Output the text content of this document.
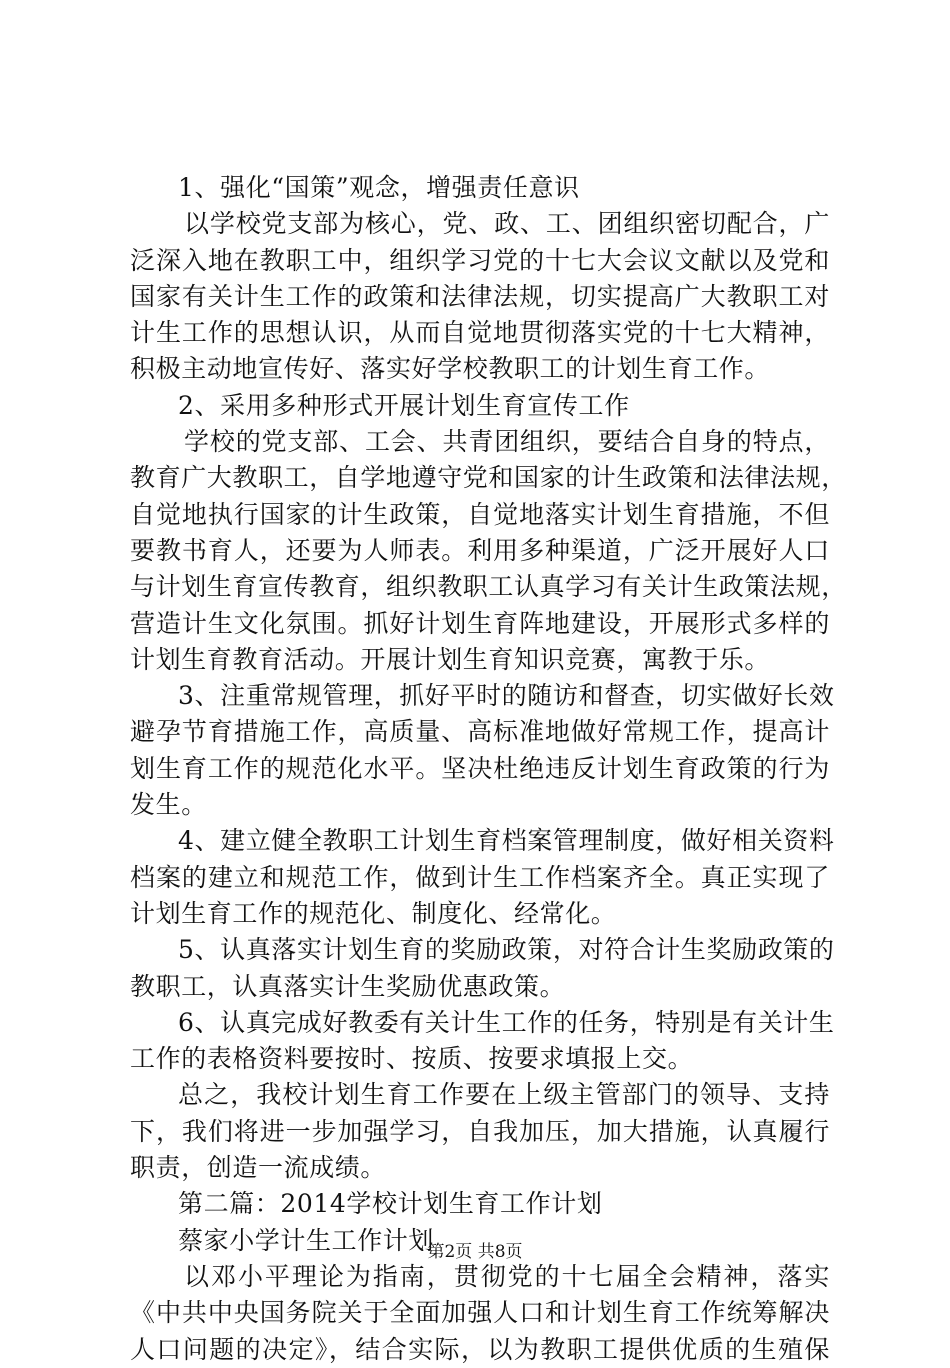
1、强化“国策”观念，增强责任意识
以学校党支部为核心，党、政、工、团组织密切配合，广
泛深入地在教职工中，组织学习党的十七大会议文献以及党和
国家有关计生工作的政策和法律法规，切实提高广大教职工对
计生工作的思想认识，从而自觉地贯彻落实党的十七大精神，
积极主动地宣传好、落实好学校教职工的计划生育工作。
2、采用多种形式开展计划生育宣传工作
学校的党支部、工会、共青团组织，要结合自身的特点，
教育广大教职工，自学地遵守党和国家的计生政策和法律法规，
自觉地执行国家的计生政策，自觉地落实计划生育措施，不但
要教书育人，还要为人师表。利用多种渠道，广泛开展好人口
与计划生育宣传教育，组织教职工认真学习有关计生政策法规，
营造计生文化氛围。抓好计划生育阵地建设，开展形式多样的
计划生育教育活动。开展计划生育知识竞赛，寓教于乐。
3、注重常规管理，抓好平时的随访和督查，切实做好长效
避孕节育措施工作，高质量、高标准地做好常规工作，提高计
划生育工作的规范化水平。坚决杜绝违反计划生育政策的行为
发生。
4、建立健全教职工计划生育档案管理制度，做好相关资料
档案的建立和规范工作，做到计生工作档案齐全。真正实现了
计划生育工作的规范化、制度化、经常化。
5、认真落实计划生育的奖励政策，对符合计生奖励政策的
教职工，认真落实计生奖励优惠政策。
6、认真完成好教委有关计生工作的任务，特别是有关计生
工作的表格资料要按时、按质、按要求填报上交。
总之，我校计划生育工作要在上级主管部门的领导、支持
下，我们将进一步加强学习，自我加压，加大措施，认真履行
职责，创造一流成绩。
第二篇：2014学校计划生育工作计划
蔡家小学计生工作计划
以邓小平理论为指南，贯彻党的十七届全会精神，落实
《中共中央国务院关于全面加强人口和计划生育工作统筹解决
人口问题的决定》，结合实际，以为教职工提供优质的生殖保
第2页 共8页
